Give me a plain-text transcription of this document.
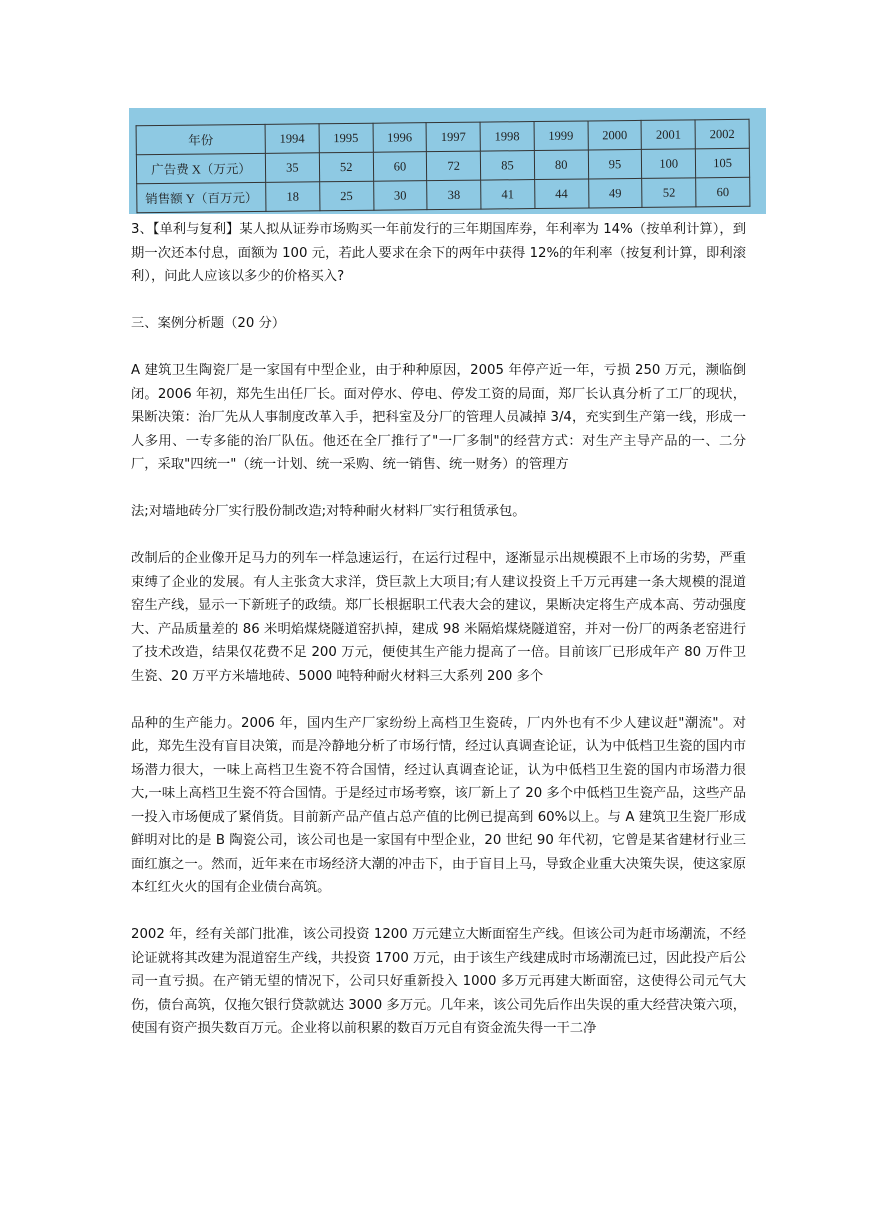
年份	1994	1995	1996	1997	1998	1999	2000	2001	2002
广告费 X（万元）	35	52	60	72	85	80	95	100	105
销售额 Y（百万元）	18	25	30	38	41	44	49	52	60

3、【单利与复利】某人拟从证券市场购买一年前发行的三年期国库券，年利率为 14%（按单利计算），到期一次还本付息，面额为 100 元，若此人要求在余下的两年中获得 12%的年利率（按复利计算，即利滚利），问此人应该以多少的价格买入?

三、案例分析题（20 分）

A 建筑卫生陶瓷厂是一家国有中型企业，由于种种原因，2005 年停产近一年，亏损 250 万元，濒临倒闭。2006 年初，郑先生出任厂长。面对停水、停电、停发工资的局面，郑厂长认真分析了工厂的现状，果断决策：治厂先从人事制度改革入手，把科室及分厂的管理人员减掉 3/4，充实到生产第一线，形成一人多用、一专多能的治厂队伍。他还在全厂推行了"一厂多制"的经营方式：对生产主导产品的一、二分厂，采取"四统一"（统一计划、统一采购、统一销售、统一财务）的管理方

法;对墙地砖分厂实行股份制改造;对特种耐火材料厂实行租赁承包。

改制后的企业像开足马力的列车一样急速运行，在运行过程中，逐渐显示出规模跟不上市场的劣势，严重束缚了企业的发展。有人主张贪大求洋，贷巨款上大项目;有人建议投资上千万元再建一条大规模的混道窑生产线，显示一下新班子的政绩。郑厂长根据职工代表大会的建议，果断决定将生产成本高、劳动强度大、产品质量差的 86 米明焰煤烧隧道窑扒掉，建成 98 米隔焰煤烧隧道窑，并对一份厂的两条老窑进行了技术改造，结果仅花费不足 200 万元，便使其生产能力提高了一倍。目前该厂已形成年产 80 万件卫生瓷、20 万平方米墙地砖、5000 吨特种耐火材料三大系列 200 多个

品种的生产能力。2006 年，国内生产厂家纷纷上高档卫生瓷砖，厂内外也有不少人建议赶"潮流"。对此，郑先生没有盲目决策，而是冷静地分析了市场行情，经过认真调查论证，认为中低档卫生瓷的国内市场潜力很大，一味上高档卫生瓷不符合国情，经过认真调查论证，认为中低档卫生瓷的国内市场潜力很大,一味上高档卫生瓷不符合国情。于是经过市场考察，该厂新上了 20 多个中低档卫生瓷产品，这些产品一投入市场便成了紧俏货。目前新产品产值占总产值的比例已提高到 60%以上。与 A 建筑卫生瓷厂形成鲜明对比的是 B 陶瓷公司，该公司也是一家国有中型企业，20 世纪 90 年代初，它曾是某省建材行业三面红旗之一。然而，近年来在市场经济大潮的冲击下，由于盲目上马，导致企业重大决策失误，使这家原本红红火火的国有企业债台高筑。

2002 年，经有关部门批准，该公司投资 1200 万元建立大断面窑生产线。但该公司为赶市场潮流，不经论证就将其改建为混道窑生产线，共投资 1700 万元，由于该生产线建成时市场潮流已过，因此投产后公司一直亏损。在产销无望的情况下，公司只好重新投入 1000 多万元再建大断面窑，这使得公司元气大伤，债台高筑，仅拖欠银行贷款就达 3000 多万元。几年来，该公司先后作出失误的重大经营决策六项，使国有资产损失数百万元。企业将以前积累的数百万元自有资金流失得一干二净
